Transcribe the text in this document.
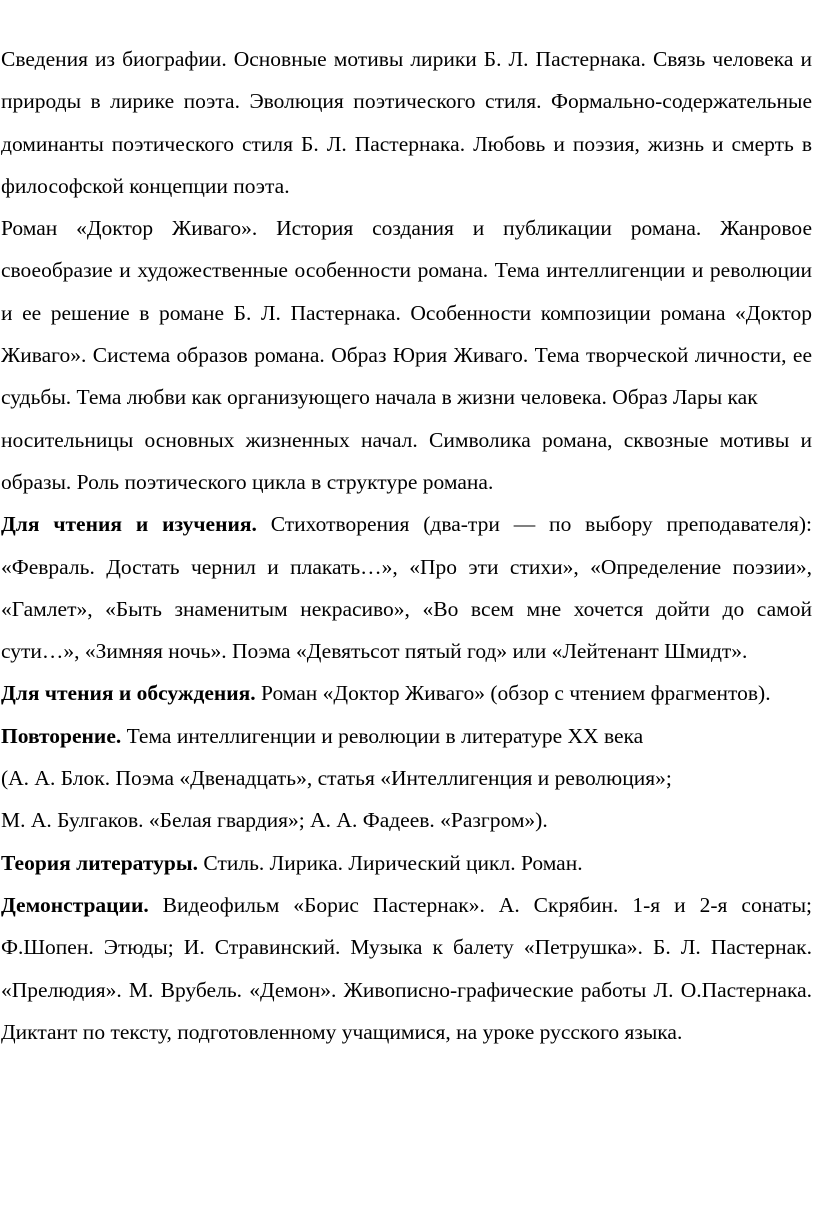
Сведения из биографии. Основные мотивы лирики Б. Л. Пастернака. Связь человека и природы в лирике поэта. Эволюция поэтического стиля. Формально-содержательные доминанты поэтического стиля Б. Л. Пастернака. Любовь и поэзия, жизнь и смерть в философской концепции поэта.

Роман «Доктор Живаго». История создания и публикации романа. Жанровое своеобразие и художественные особенности романа. Тема интеллигенции и революции и ее решение в романе Б. Л. Пастернака. Особенности композиции романа «Доктор Живаго». Система образов романа. Образ Юрия Живаго. Тема творческой личности, ее судьбы. Тема любви как организующего начала в жизни человека. Образ Лары как

носительницы основных жизненных начал. Символика романа, сквозные мотивы и образы. Роль поэтического цикла в структуре романа.

Для чтения и изучения. Стихотворения (два-три — по выбору преподавателя): «Февраль. Достать чернил и плакать…», «Про эти стихи», «Определение поэзии», «Гамлет», «Быть знаменитым некрасиво», «Во всем мне хочется дойти до самой сути…», «Зимняя ночь». Поэма «Девятьсот пятый год» или «Лейтенант Шмидт».

Для чтения и обсуждения. Роман «Доктор Живаго» (обзор с чтением фрагментов).

Повторение. Тема интеллигенции и революции в литературе XX века

(А. А. Блок. Поэма «Двенадцать», статья «Интеллигенция и революция»;

М. А. Булгаков. «Белая гвардия»; А. А. Фадеев. «Разгром»).

Теория литературы. Стиль. Лирика. Лирический цикл. Роман.

Демонстрации. Видеофильм «Борис Пастернак». А. Скрябин. 1-я и 2-я сонаты; Ф.Шопен. Этюды; И. Стравинский. Музыка к балету «Петрушка». Б. Л. Пастернак. «Прелюдия». М. Врубель. «Демон». Живописно-графические работы Л. О.Пастернака. Диктант по тексту, подготовленному учащимися, на уроке русского языка.
